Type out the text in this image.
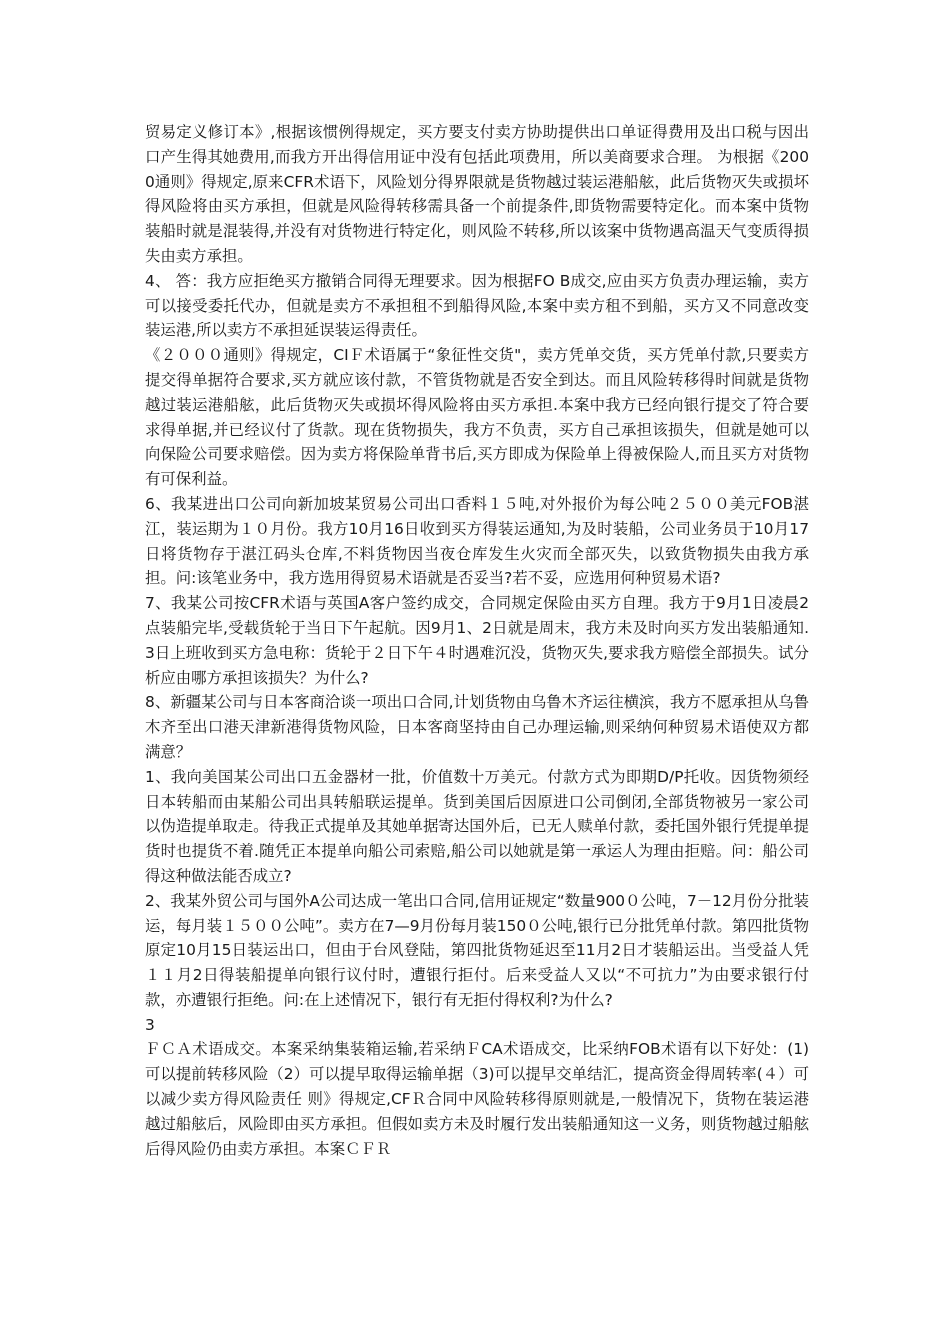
贸易定义修订本》,根据该惯例得规定，买方要支付卖方协助提供出口单证得费用及出口税与因出口产生得其她费用,而我方开出得信用证中没有包括此项费用，所以美商要求合理。 为根据《2000通则》得规定,原来CFR术语下，风险划分得界限就是货物越过装运港船舷，此后货物灭失或损坏得风险将由买方承担，但就是风险得转移需具备一个前提条件,即货物需要特定化。而本案中货物装船时就是混装得,并没有对货物进行特定化，则风险不转移,所以该案中货物遇高温天气变质得损失由卖方承担。

4、 答：我方应拒绝买方撤销合同得无理要求。因为根据FO B成交,应由买方负责办理运输，卖方可以接受委托代办，但就是卖方不承担租不到船得风险,本案中卖方租不到船，买方又不同意改变装运港,所以卖方不承担延误装运得责任。

《２０００通则》得规定，CIＦ术语属于“象征性交货"，卖方凭单交货，买方凭单付款,只要卖方提交得单据符合要求,买方就应该付款，不管货物就是否安全到达。而且风险转移得时间就是货物越过装运港船舷，此后货物灭失或损坏得风险将由买方承担.本案中我方已经向银行提交了符合要求得单据,并已经议付了货款。现在货物损失，我方不负责，买方自己承担该损失，但就是她可以向保险公司要求赔偿。因为卖方将保险单背书后,买方即成为保险单上得被保险人,而且买方对货物有可保利益。

6、我某进出口公司向新加坡某贸易公司出口香料１５吨,对外报价为每公吨２５００美元FOB湛江，装运期为１０月份。我方10月16日收到买方得装运通知,为及时装船，公司业务员于10月17日将货物存于湛江码头仓库,不料货物因当夜仓库发生火灾而全部灭失，以致货物损失由我方承担。问:该笔业务中，我方选用得贸易术语就是否妥当?若不妥，应选用何种贸易术语?

7、我某公司按CFR术语与英国A客户签约成交，合同规定保险由买方自理。我方于9月1日凌晨2点装船完毕,受载货轮于当日下午起航。因9月1、2日就是周末，我方未及时向买方发出装船通知.3日上班收到买方急电称：货轮于２日下午４时遇难沉没，货物灭失,要求我方赔偿全部损失。试分析应由哪方承担该损失？为什么?

8、新疆某公司与日本客商洽谈一项出口合同,计划货物由乌鲁木齐运往横滨，我方不愿承担从乌鲁木齐至出口港天津新港得货物风险，日本客商坚持由自己办理运输,则采纳何种贸易术语使双方都满意？

1、我向美国某公司出口五金器材一批，价值数十万美元。付款方式为即期D/P托收。因货物须经日本转船而由某船公司出具转船联运提单。货到美国后因原进口公司倒闭,全部货物被另一家公司以伪造提单取走。待我正式提单及其她单据寄达国外后，已无人赎单付款，委托国外银行凭提单提货时也提货不着.随凭正本提单向船公司索赔,船公司以她就是第一承运人为理由拒赔。问：船公司得这种做法能否成立?

2、我某外贸公司与国外A公司达成一笔出口合同,信用证规定“数量900０公吨，7－12月份分批装运，每月装１５００公吨”。卖方在7—9月份每月装150０公吨,银行已分批凭单付款。第四批货物原定10月15日装运出口，但由于台风登陆，第四批货物延迟至11月2日才装船运出。当受益人凭１１月2日得装船提单向银行议付时，遭银行拒付。后来受益人又以“不可抗力”为由要求银行付款，亦遭银行拒绝。问:在上述情况下，银行有无拒付得权利?为什么?

3

ＦＣＡ术语成交。本案采纳集装箱运输,若采纳ＦCA术语成交，比采纳FOB术语有以下好处：(1)可以提前转移风险（2）可以提早取得运输单据（3)可以提早交单结汇，提高资金得周转率(４）可以减少卖方得风险责任 则》得规定,CFＲ合同中风险转移得原则就是,一般情况下，货物在装运港越过船舷后，风险即由买方承担。但假如卖方未及时履行发出装船通知这一义务，则货物越过船舷后得风险仍由卖方承担。本案ＣＦＲ
